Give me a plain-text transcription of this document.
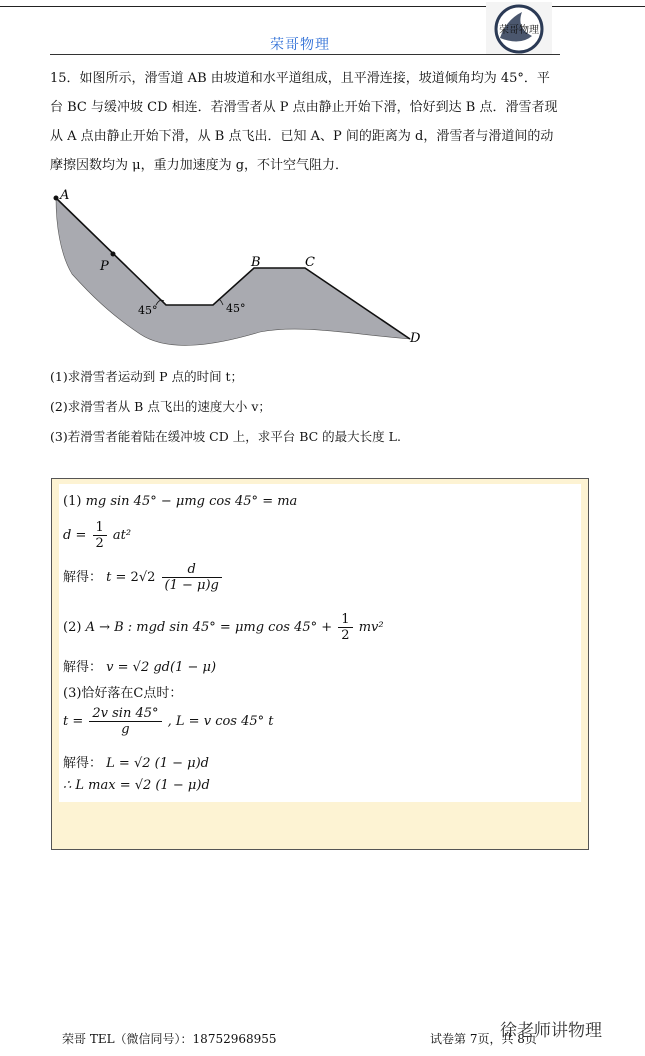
荣哥物理
荣哥物理

15．如图所示，滑雪道 AB 由坡道和水平道组成，且平滑连接，坡道倾角均为 45°．平

台 BC 与缓冲坡 CD 相连．若滑雪者从 P 点由静止开始下滑，恰好到达 B 点．滑雪者现

从 A 点由静止开始下滑，从 B 点飞出．已知 A、P 间的距离为 d，滑雪者与滑道间的动

摩擦因数均为 μ，重力加速度为 g，不计空气阻力．

A
P	B	C
D
45°	45°
(1)求滑雪者运动到 P 点的时间 t；
(2)求滑雪者从 B 点飞出的速度大小 v；
(3)若滑雪者能着陆在缓冲坡 CD 上，求平台 BC 的最大长度 L.
(1) mg sin 45° − μmg cos 45° = ma
$d = \frac{1}{2} at^2$
解得： $t = 2√2 \frac{d}{(1 - \mu)g}$
(2) A → B : mgd sin 45° = μmg $\cos 45^\circ + \frac{1}{2} mv^2$
解得： v = √2 gd(1 − μ)
(3)恰好落在C点时：
$t = \frac{\text{2v sin 45°}}{g}$ , L = v cos 45° t
解得： L = √2 (1 − μ)d
∴ L max = √2 (1 − μ)d
荣哥 TEL（微信同号）：18752968955	试卷第 7页，共 8页
徐老师讲物理
